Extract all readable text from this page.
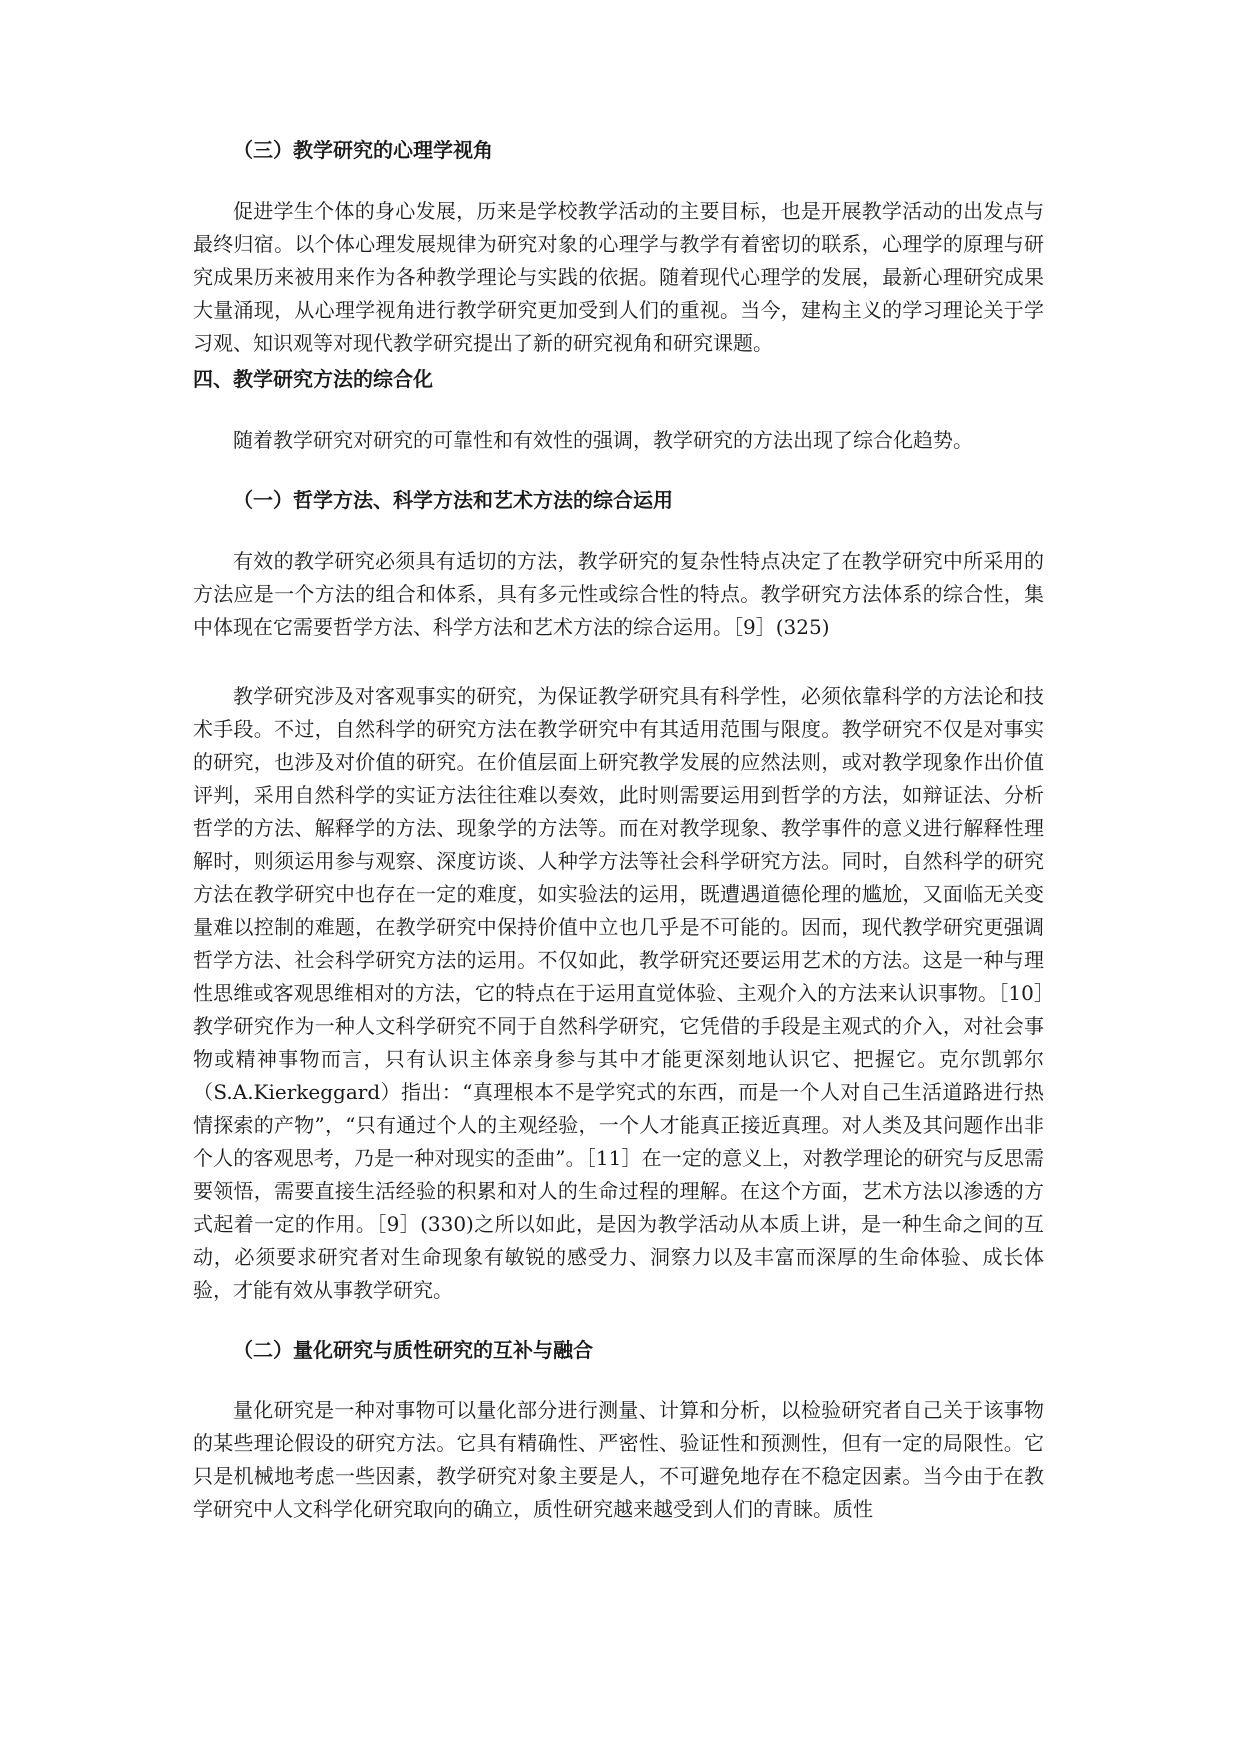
（三）教学研究的心理学视角

促进学生个体的身心发展，历来是学校教学活动的主要目标，也是开展教学活动的出发点与最终归宿。以个体心理发展规律为研究对象的心理学与教学有着密切的联系，心理学的原理与研究成果历来被用来作为各种教学理论与实践的依据。随着现代心理学的发展，最新心理研究成果大量涌现，从心理学视角进行教学研究更加受到人们的重视。当今，建构主义的学习理论关于学习观、知识观等对现代教学研究提出了新的研究视角和研究课题。

四、教学研究方法的综合化

随着教学研究对研究的可靠性和有效性的强调，教学研究的方法出现了综合化趋势。

（一）哲学方法、科学方法和艺术方法的综合运用

有效的教学研究必须具有适切的方法，教学研究的复杂性特点决定了在教学研究中所采用的方法应是一个方法的组合和体系，具有多元性或综合性的特点。教学研究方法体系的综合性，集中体现在它需要哲学方法、科学方法和艺术方法的综合运用。［9］(325)

教学研究涉及对客观事实的研究，为保证教学研究具有科学性，必须依靠科学的方法论和技术手段。不过，自然科学的研究方法在教学研究中有其适用范围与限度。教学研究不仅是对事实的研究，也涉及对价值的研究。在价值层面上研究教学发展的应然法则，或对教学现象作出价值评判，采用自然科学的实证方法往往难以奏效，此时则需要运用到哲学的方法，如辩证法、分析哲学的方法、解释学的方法、现象学的方法等。而在对教学现象、教学事件的意义进行解释性理解时，则须运用参与观察、深度访谈、人种学方法等社会科学研究方法。同时，自然科学的研究方法在教学研究中也存在一定的难度，如实验法的运用，既遭遇道德伦理的尴尬，又面临无关变量难以控制的难题，在教学研究中保持价值中立也几乎是不可能的。因而，现代教学研究更强调哲学方法、社会科学研究方法的运用。不仅如此，教学研究还要运用艺术的方法。这是一种与理性思维或客观思维相对的方法，它的特点在于运用直觉体验、主观介入的方法来认识事物。［10］教学研究作为一种人文科学研究不同于自然科学研究，它凭借的手段是主观式的介入，对社会事物或精神事物而言，只有认识主体亲身参与其中才能更深刻地认识它、把握它。克尔凯郭尔（S.A.Kierkeggard）指出：“真理根本不是学究式的东西，而是一个人对自己生活道路进行热情探索的产物”，“只有通过个人的主观经验，一个人才能真正接近真理。对人类及其问题作出非个人的客观思考，乃是一种对现实的歪曲”。［11］在一定的意义上，对教学理论的研究与反思需要领悟，需要直接生活经验的积累和对人的生命过程的理解。在这个方面，艺术方法以渗透的方式起着一定的作用。［9］(330)之所以如此，是因为教学活动从本质上讲，是一种生命之间的互动，必须要求研究者对生命现象有敏锐的感受力、洞察力以及丰富而深厚的生命体验、成长体验，才能有效从事教学研究。

（二）量化研究与质性研究的互补与融合

量化研究是一种对事物可以量化部分进行测量、计算和分析，以检验研究者自己关于该事物的某些理论假设的研究方法。它具有精确性、严密性、验证性和预测性，但有一定的局限性。它只是机械地考虑一些因素，教学研究对象主要是人，不可避免地存在不稳定因素。当今由于在教学研究中人文科学化研究取向的确立，质性研究越来越受到人们的青睐。质性
